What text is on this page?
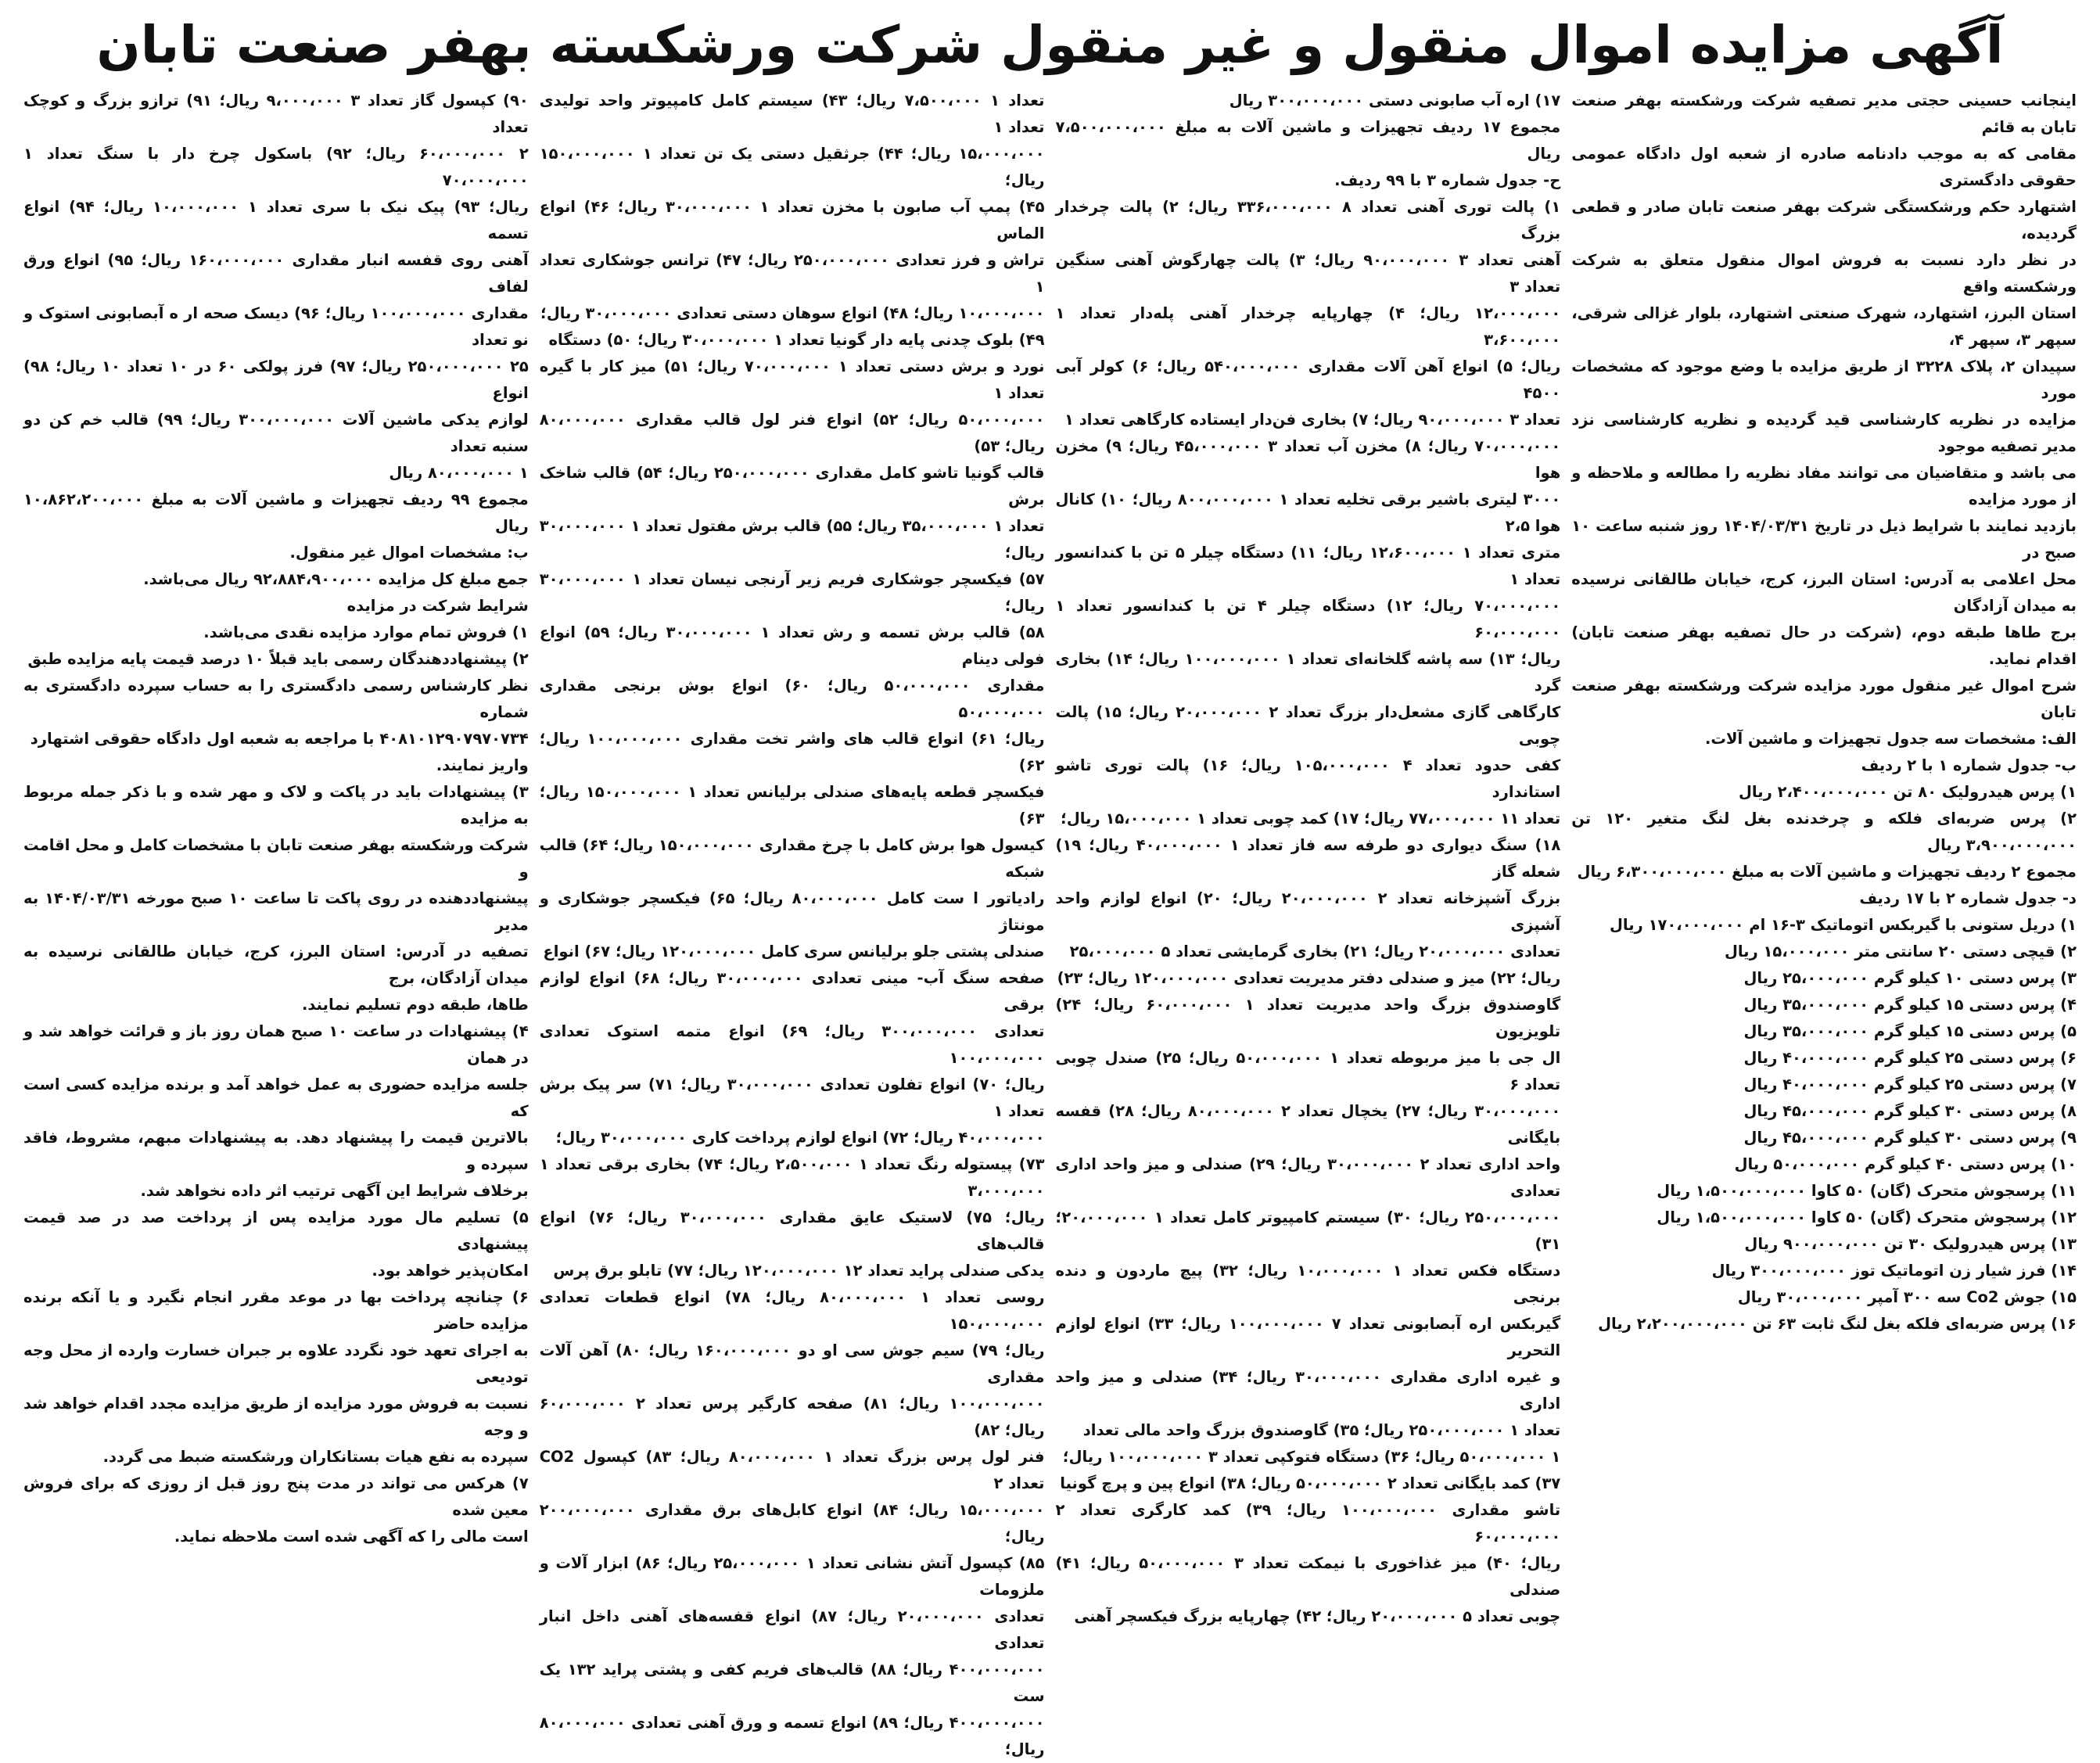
آگهی مزایده اموال منقول و غیر منقول شرکت ورشکسته بهفر صنعت تابان
اینجانب حسینی حجتی مدیر تصفیه شرکت ورشکسته بهفر صنعت تابان به قائم
مقامی که به موجب دادنامه صادره از شعبه اول دادگاه عمومی حقوقی دادگستری
اشتهارد حکم ورشکستگی شرکت بهفر صنعت تابان صادر و قطعی گردیده،
در نظر دارد نسبت به فروش اموال منقول متعلق به شرکت ورشکسته واقع
استان البرز، اشتهارد، شهرک صنعتی اشتهارد، بلوار غزالی شرقی، سپهر ۳، سپهر ۴،
سپیدان ۲، پلاک ۳۲۲۸ از طریق مزایده با وضع موجود که مشخصات مورد
مزایده در نظریه کارشناسی قید گردیده و نظریه کارشناسی نزد مدیر تصفیه موجود
می باشد و متقاضیان می توانند مفاد نظریه را مطالعه و ملاحظه و از مورد مزایده
بازدید نمایند با شرایط ذیل در تاریخ ۱۴۰۴/۰۳/۳۱ روز شنبه ساعت ۱۰ صبح در
محل اعلامی به آدرس: استان البرز، کرج، خیابان طالقانی نرسیده به میدان آزادگان
برج طاها طبقه دوم، (شرکت در حال تصفیه بهفر صنعت تابان) اقدام نماید.
شرح اموال غیر منقول مورد مزایده شرکت ورشکسته بهفر صنعت تابان
الف: مشخصات سه جدول تجهیزات و ماشین آلات.
ب- جدول شماره ۱ با ۲ ردیف
۱) پرس هیدرولیک ۸۰ تن ۲،۴۰۰،۰۰۰،۰۰۰ ریال
۲) پرس ضربه‌ای فلکه و چرخدنده بغل لنگ متغیر ۱۲۰ تن ۳،۹۰۰،۰۰۰،۰۰۰ ریال
مجموع ۲ ردیف تجهیزات و ماشین آلات به مبلغ ۶،۳۰۰،۰۰۰،۰۰۰ ریال
د- جدول شماره ۲ با ۱۷ ردیف
۱) دریل ستونی با گیربکس اتوماتیک ۳-۱۶ ام ۱۷۰،۰۰۰،۰۰۰ ریال
۲) قیچی دستی ۲۰ سانتی متر ۱۵،۰۰۰،۰۰۰ ریال
۳) پرس دستی ۱۰ کیلو گرم ۲۵،۰۰۰،۰۰۰ ریال
۴) پرس دستی ۱۵ کیلو گرم ۳۵،۰۰۰،۰۰۰ ریال
۵) پرس دستی ۱۵ کیلو گرم ۳۵،۰۰۰،۰۰۰ ریال
۶) پرس دستی ۲۵ کیلو گرم ۴۰،۰۰۰،۰۰۰ ریال
۷) پرس دستی ۲۵ کیلو گرم ۴۰،۰۰۰،۰۰۰ ریال
۸) پرس دستی ۳۰ کیلو گرم ۴۵،۰۰۰،۰۰۰ ریال
۹) پرس دستی ۳۰ کیلو گرم ۴۵،۰۰۰،۰۰۰ ریال
۱۰) پرس دستی ۴۰ کیلو گرم ۵۰،۰۰۰،۰۰۰ ریال
۱۱) پرسجوش متحرک (گان) ۵۰ کاوا ۱،۵۰۰،۰۰۰،۰۰۰ ریال
۱۲) پرسجوش متحرک (گان) ۵۰ کاوا ۱،۵۰۰،۰۰۰،۰۰۰ ریال
۱۳) پرس هیدرولیک ۳۰ تن ۹۰۰،۰۰۰،۰۰۰ ریال
۱۴) فرز شیار زن اتوماتیک توز ۳۰۰،۰۰۰،۰۰۰ ریال
۱۵) جوش Co2 سه ۳۰۰ آمپر ۳۰،۰۰۰،۰۰۰ ریال
۱۶) پرس ضربه‌ای فلکه بغل لنگ ثابت ۶۳ تن ۲،۲۰۰،۰۰۰،۰۰۰ ریال
۱۷) اره آب صابونی دستی ۳۰۰،۰۰۰،۰۰۰ ریال
مجموع ۱۷ ردیف تجهیزات و ماشین آلات به مبلغ ۷،۵۰۰،۰۰۰،۰۰۰ ریال
ح- جدول شماره ۳ با ۹۹ ردیف.
۱) پالت توری آهنی تعداد ۸ ۳۳۶،۰۰۰،۰۰۰ ریال؛ ۲) پالت چرخدار بزرگ
آهنی تعداد ۳ ۹۰،۰۰۰،۰۰۰ ریال؛ ۳) پالت چهارگوش آهنی سنگین تعداد ۳
۱۲،۰۰۰،۰۰۰ ریال؛ ۴) چهارپایه چرخدار آهنی پله‌دار تعداد ۱ ۳،۶۰۰،۰۰۰
ریال؛ ۵) انواع آهن آلات مقداری ۵۴۰،۰۰۰،۰۰۰ ریال؛ ۶) کولر آبی ۴۵۰۰
تعداد ۳ ۹۰،۰۰۰،۰۰۰ ریال؛ ۷) بخاری فن‌دار ایستاده کارگاهی تعداد ۱
۷۰،۰۰۰،۰۰۰ ریال؛ ۸) مخزن آب تعداد ۳ ۴۵،۰۰۰،۰۰۰ ریال؛ ۹) مخزن هوا
۳۰۰۰ لیتری باشیر برقی تخلیه تعداد ۱ ۸۰۰،۰۰۰،۰۰۰ ریال؛ ۱۰) کانال هوا ۲،۵
متری تعداد ۱ ۱۲،۶۰۰،۰۰۰ ریال؛ ۱۱) دستگاه چیلر ۵ تن با کندانسور تعداد ۱
۷۰،۰۰۰،۰۰۰ ریال؛ ۱۲) دستگاه چیلر ۴ تن با کندانسور تعداد ۱ ۶۰،۰۰۰،۰۰۰
ریال؛ ۱۳) سه پاشه گلخانه‌ای تعداد ۱ ۱۰۰،۰۰۰،۰۰۰ ریال؛ ۱۴) بخاری گرد
کارگاهی گازی مشعل‌دار بزرگ تعداد ۲ ۲۰،۰۰۰،۰۰۰ ریال؛ ۱۵) پالت چوبی
کفی حدود تعداد ۴ ۱۰۵،۰۰۰،۰۰۰ ریال؛ ۱۶) پالت توری تاشو استاندارد
تعداد ۱۱ ۷۷،۰۰۰،۰۰۰ ریال؛ ۱۷) کمد چوبی تعداد ۱ ۱۵،۰۰۰،۰۰۰ ریال؛
۱۸) سنگ دیواری دو طرفه سه فاز تعداد ۱ ۴۰،۰۰۰،۰۰۰ ریال؛ ۱۹) شعله گاز
بزرگ آشپزخانه تعداد ۲ ۲۰،۰۰۰،۰۰۰ ریال؛ ۲۰) انواع لوازم واحد آشپزی
تعدادی ۲۰،۰۰۰،۰۰۰ ریال؛ ۲۱) بخاری گرمایشی تعداد ۵ ۲۵،۰۰۰،۰۰۰
ریال؛ ۲۲) میز و صندلی دفتر مدیریت تعدادی ۱۲۰،۰۰۰،۰۰۰ ریال؛ ۲۳)
گاوصندوق بزرگ واحد مدیریت تعداد ۱ ۶۰،۰۰۰،۰۰۰ ریال؛ ۲۴) تلویزیون
ال جی با میز مربوطه تعداد ۱ ۵۰،۰۰۰،۰۰۰ ریال؛ ۲۵) صندل چوبی تعداد ۶
۳۰،۰۰۰،۰۰۰ ریال؛ ۲۷) یخچال تعداد ۲ ۸۰،۰۰۰،۰۰۰ ریال؛ ۲۸) قفسه بایگانی
واحد اداری تعداد ۲ ۳۰،۰۰۰،۰۰۰ ریال؛ ۲۹) صندلی و میز واحد اداری تعدادی
۲۵۰،۰۰۰،۰۰۰ ریال؛ ۳۰) سیستم کامپیوتر کامل تعداد ۱ ۲۰،۰۰۰،۰۰۰؛ ۳۱)
دستگاه فکس تعداد ۱ ۱۰،۰۰۰،۰۰۰ ریال؛ ۳۲) پیچ ماردون و دنده برنجی
گیربکس اره آبصابونی تعداد ۷ ۱۰۰،۰۰۰،۰۰۰ ریال؛ ۳۳) انواع لوازم التحریر
و غیره اداری مقداری ۳۰،۰۰۰،۰۰۰ ریال؛ ۳۴) صندلی و میز واحد اداری
تعداد ۱ ۲۵۰،۰۰۰،۰۰۰ ریال؛ ۳۵) گاوصندوق بزرگ واحد مالی تعداد
۱ ۵۰،۰۰۰،۰۰۰ ریال؛ ۳۶) دستگاه فتوکپی تعداد ۳ ۱۰۰،۰۰۰،۰۰۰ ریال؛
۳۷) کمد بایگانی تعداد ۲ ۵۰،۰۰۰،۰۰۰ ریال؛ ۳۸) انواع پین و پرچ گونیا
تاشو مقداری ۱۰۰،۰۰۰،۰۰۰ ریال؛ ۳۹) کمد کارگری تعداد ۲ ۶۰،۰۰۰،۰۰۰
ریال؛ ۴۰) میز غذاخوری با نیمکت تعداد ۳ ۵۰،۰۰۰،۰۰۰ ریال؛ ۴۱) صندلی
چوبی تعداد ۵ ۲۰،۰۰۰،۰۰۰ ریال؛ ۴۲) چهارپایه بزرگ فیکسچر آهنی
تعداد ۱ ۷،۵۰۰،۰۰۰ ریال؛ ۴۳) سیستم کامل کامپیوتر واحد تولیدی تعداد ۱
۱۵،۰۰۰،۰۰۰ ریال؛ ۴۴) جرثقیل دستی یک تن تعداد ۱ ۱۵۰،۰۰۰،۰۰۰ ریال؛
۴۵) پمپ آب صابون با مخزن تعداد ۱ ۳۰،۰۰۰،۰۰۰ ریال؛ ۴۶) انواع الماس
تراش و فرز تعدادی ۲۵۰،۰۰۰،۰۰۰ ریال؛ ۴۷) ترانس جوشکاری تعداد ۱
۱۰،۰۰۰،۰۰۰ ریال؛ ۴۸) انواع سوهان دستی تعدادی ۳۰،۰۰۰،۰۰۰ ریال؛
۴۹) بلوک چدنی پایه دار گونیا تعداد ۱ ۳۰،۰۰۰،۰۰۰ ریال؛ ۵۰) دستگاه
نورد و برش دستی تعداد ۱ ۷۰،۰۰۰،۰۰۰ ریال؛ ۵۱) میز کار با گیره تعداد ۱
۵۰،۰۰۰،۰۰۰ ریال؛ ۵۲) انواع فنر لول قالب مقداری ۸۰،۰۰۰،۰۰۰ ریال؛ ۵۳)
قالب گونیا تاشو کامل مقداری ۲۵۰،۰۰۰،۰۰۰ ریال؛ ۵۴) قالب شاخک برش
تعداد ۱ ۳۵،۰۰۰،۰۰۰ ریال؛ ۵۵) قالب برش مفتول تعداد ۱ ۳۰،۰۰۰،۰۰۰ ریال؛
۵۷) فیکسچر جوشکاری فریم زیر آرنجی نیسان تعداد ۱ ۳۰،۰۰۰،۰۰۰ ریال؛
۵۸) قالب برش تسمه و رش تعداد ۱ ۳۰،۰۰۰،۰۰۰ ریال؛ ۵۹) انواع فولی دینام
مقداری ۵۰،۰۰۰،۰۰۰ ریال؛ ۶۰) انواع بوش برنجی مقداری ۵۰،۰۰۰،۰۰۰
ریال؛ ۶۱) انواع قالب های واشر تخت مقداری ۱۰۰،۰۰۰،۰۰۰ ریال؛ ۶۲)
فیکسچر قطعه پایه‌های صندلی برلیانس تعداد ۱ ۱۵۰،۰۰۰،۰۰۰ ریال؛ ۶۳)
کیسول هوا برش کامل با چرخ مقداری ۱۵۰،۰۰۰،۰۰۰ ریال؛ ۶۴) قالب شبکه
رادیاتور ا ست کامل ۸۰،۰۰۰،۰۰۰ ریال؛ ۶۵) فیکسچر جوشکاری و مونتاژ
صندلی پشتی جلو برلیانس سری کامل ۱۲۰،۰۰۰،۰۰۰ ریال؛ ۶۷) انواع
صفحه سنگ آب- مینی تعدادی ۳۰،۰۰۰،۰۰۰ ریال؛ ۶۸) انواع لوازم برقی
تعدادی ۳۰۰،۰۰۰،۰۰۰ ریال؛ ۶۹) انواع متمه استوک تعدادی ۱۰۰،۰۰۰،۰۰۰
ریال؛ ۷۰) انواع تفلون تعدادی ۳۰،۰۰۰،۰۰۰ ریال؛ ۷۱) سر پیک برش تعداد ۱
۴۰،۰۰۰،۰۰۰ ریال؛ ۷۲) انواع لوازم پرداخت کاری ۳۰،۰۰۰،۰۰۰ ریال؛
۷۳) پیستوله رنگ تعداد ۱ ۲،۵۰۰،۰۰۰ ریال؛ ۷۴) بخاری برقی تعداد ۱ ۳،۰۰۰،۰۰۰
ریال؛ ۷۵) لاستیک عایق مقداری ۳۰،۰۰۰،۰۰۰ ریال؛ ۷۶) انواع قالب‌های
یدکی صندلی پراید تعداد ۱۲ ۱۲۰،۰۰۰،۰۰۰ ریال؛ ۷۷) تابلو برق پرس
روسی تعداد ۱ ۸۰،۰۰۰،۰۰۰ ریال؛ ۷۸) انواع قطعات تعدادی ۱۵۰،۰۰۰،۰۰۰
ریال؛ ۷۹) سیم جوش سی او دو ۱۶۰،۰۰۰،۰۰۰ ریال؛ ۸۰) آهن آلات مقداری
۱۰۰،۰۰۰،۰۰۰ ریال؛ ۸۱) صفحه کارگیر پرس تعداد ۲ ۶۰،۰۰۰،۰۰۰ ریال؛ ۸۲)
فنر لول پرس بزرگ تعداد ۱ ۸۰،۰۰۰،۰۰۰ ریال؛ ۸۳) کپسول CO2 تعداد ۲
۱۵،۰۰۰،۰۰۰ ریال؛ ۸۴) انواع کابل‌های برق مقداری ۲۰۰،۰۰۰،۰۰۰ ریال؛
۸۵) کپسول آتش نشانی تعداد ۱ ۲۵،۰۰۰،۰۰۰ ریال؛ ۸۶) ابزار آلات و ملزومات
تعدادی ۲۰،۰۰۰،۰۰۰ ریال؛ ۸۷) انواع قفسه‌های آهنی داخل انبار تعدادی
۴۰۰،۰۰۰،۰۰۰ ریال؛ ۸۸) قالب‌های فریم کفی و پشتی پراید ۱۳۲ یک ست
۴۰۰،۰۰۰،۰۰۰ ریال؛ ۸۹) انواع تسمه و ورق آهنی تعدادی ۸۰،۰۰۰،۰۰۰ ریال؛
۹۰) کپسول گاز تعداد ۳ ۹،۰۰۰،۰۰۰ ریال؛ ۹۱) ترازو بزرگ و کوچک تعداد
۲ ۶۰،۰۰۰،۰۰۰ ریال؛ ۹۲) باسکول چرخ دار با سنگ تعداد ۱ ۷۰،۰۰۰،۰۰۰
ریال؛ ۹۳) پیک نیک با سری تعداد ۱ ۱۰،۰۰۰،۰۰۰ ریال؛ ۹۴) انواع تسمه
آهنی روی قفسه انبار مقداری ۱۶۰،۰۰۰،۰۰۰ ریال؛ ۹۵) انواع ورق لفاف
مقداری ۱۰۰،۰۰۰،۰۰۰ ریال؛ ۹۶) دیسک صحه ار ه آبصابونی استوک و نو تعداد
۲۵ ۲۵۰،۰۰۰،۰۰۰ ریال؛ ۹۷) فرز پولکی ۶۰ در ۱۰ تعداد ۱۰ ریال؛ ۹۸) انواع
لوازم یدکی ماشین آلات ۳۰۰،۰۰۰،۰۰۰ ریال؛ ۹۹) قالب خم کن دو سنبه تعداد
۱ ۸۰،۰۰۰،۰۰۰ ریال
مجموع ۹۹ ردیف تجهیزات و ماشین آلات به مبلغ ۱۰،۸۶۲،۲۰۰،۰۰۰ ریال
ب: مشخصات اموال غیر منقول.
جمع مبلغ کل مزایده ۹۲،۸۸۴،۹۰۰،۰۰۰ ریال می‌باشد.
شرایط شرکت در مزایده
۱) فروش تمام موارد مزایده نقدی می‌باشد.
۲) پیشنهاددهندگان رسمی باید قبلاً ۱۰ درصد قیمت پایه مزایده طبق
نظر کارشناس رسمی دادگستری را به حساب سپرده دادگستری به شماره
۴۰۸۱۰۱۲۹۰۷۹۷۰۷۳۴ با مراجعه به شعبه اول دادگاه حقوقی اشتهارد
واریز نمایند.
۳) پیشنهادات باید در پاکت و لاک و مهر شده و با ذکر جمله مربوط به مزایده
شرکت ورشکسته بهفر صنعت تابان با مشخصات کامل و محل اقامت و
پیشنهاددهنده در روی پاکت تا ساعت ۱۰ صبح مورخه ۱۴۰۴/۰۳/۳۱ به مدیر
تصفیه در آدرس: استان البرز، کرج، خیابان طالقانی نرسیده به میدان آزادگان، برج
طاها، طبقه دوم تسلیم نمایند.
۴) پیشنهادات در ساعت ۱۰ صبح همان روز باز و قرائت خواهد شد و در همان
جلسه مزایده حضوری به عمل خواهد آمد و برنده مزایده کسی است که
بالاترین قیمت را پیشنهاد دهد. به پیشنهادات مبهم، مشروط، فاقد سپرده و
برخلاف شرایط این آگهی ترتیب اثر داده نخواهد شد.
۵) تسلیم مال مورد مزایده پس از پرداخت صد در صد قیمت پیشنهادی
امکان‌پذیر خواهد بود.
۶) چنانچه پرداخت بها در موعد مقرر انجام نگیرد و یا آنکه برنده مزایده حاضر
به اجرای تعهد خود نگردد علاوه بر جبران خسارت وارده از محل وجه تودیعی
نسبت به فروش مورد مزایده از طریق مزایده مجدد اقدام خواهد شد و وجه
سپرده به نفع هیات بستانکاران ورشکسته ضبط می گردد.
۷) هرکس می تواند در مدت پنج روز قبل از روزی که برای فروش معین شده
است مالی را که آگهی شده است ملاحظه نماید.
